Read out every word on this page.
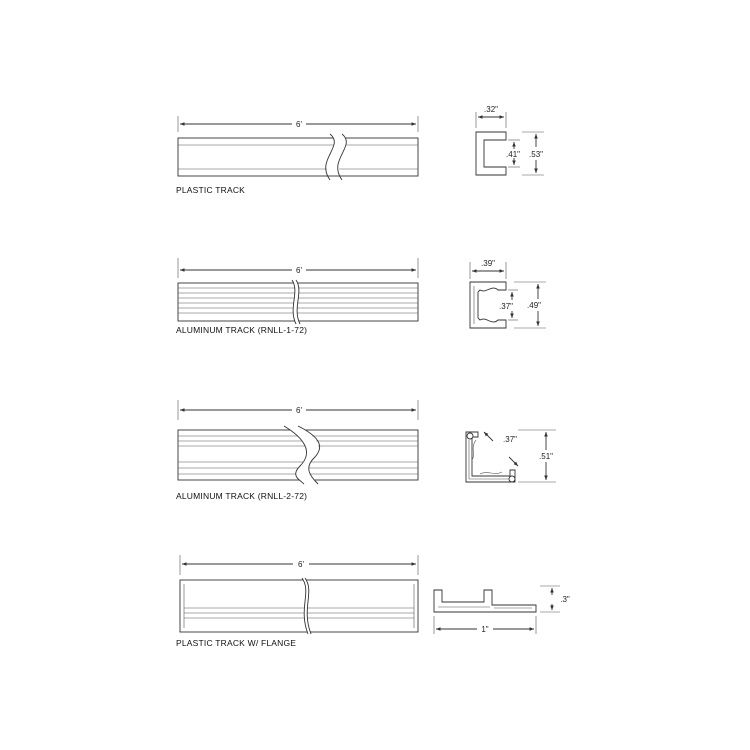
6'
PLASTIC TRACK
.32"
.41" .53"
6'
ALUMINUM TRACK (RNLL-1-72)
.39"
.37" .49"
6'
ALUMINUM TRACK (RNLL-2-72)
.37"
.51"
6'
PLASTIC TRACK W/ FLANGE
.3"
1"
